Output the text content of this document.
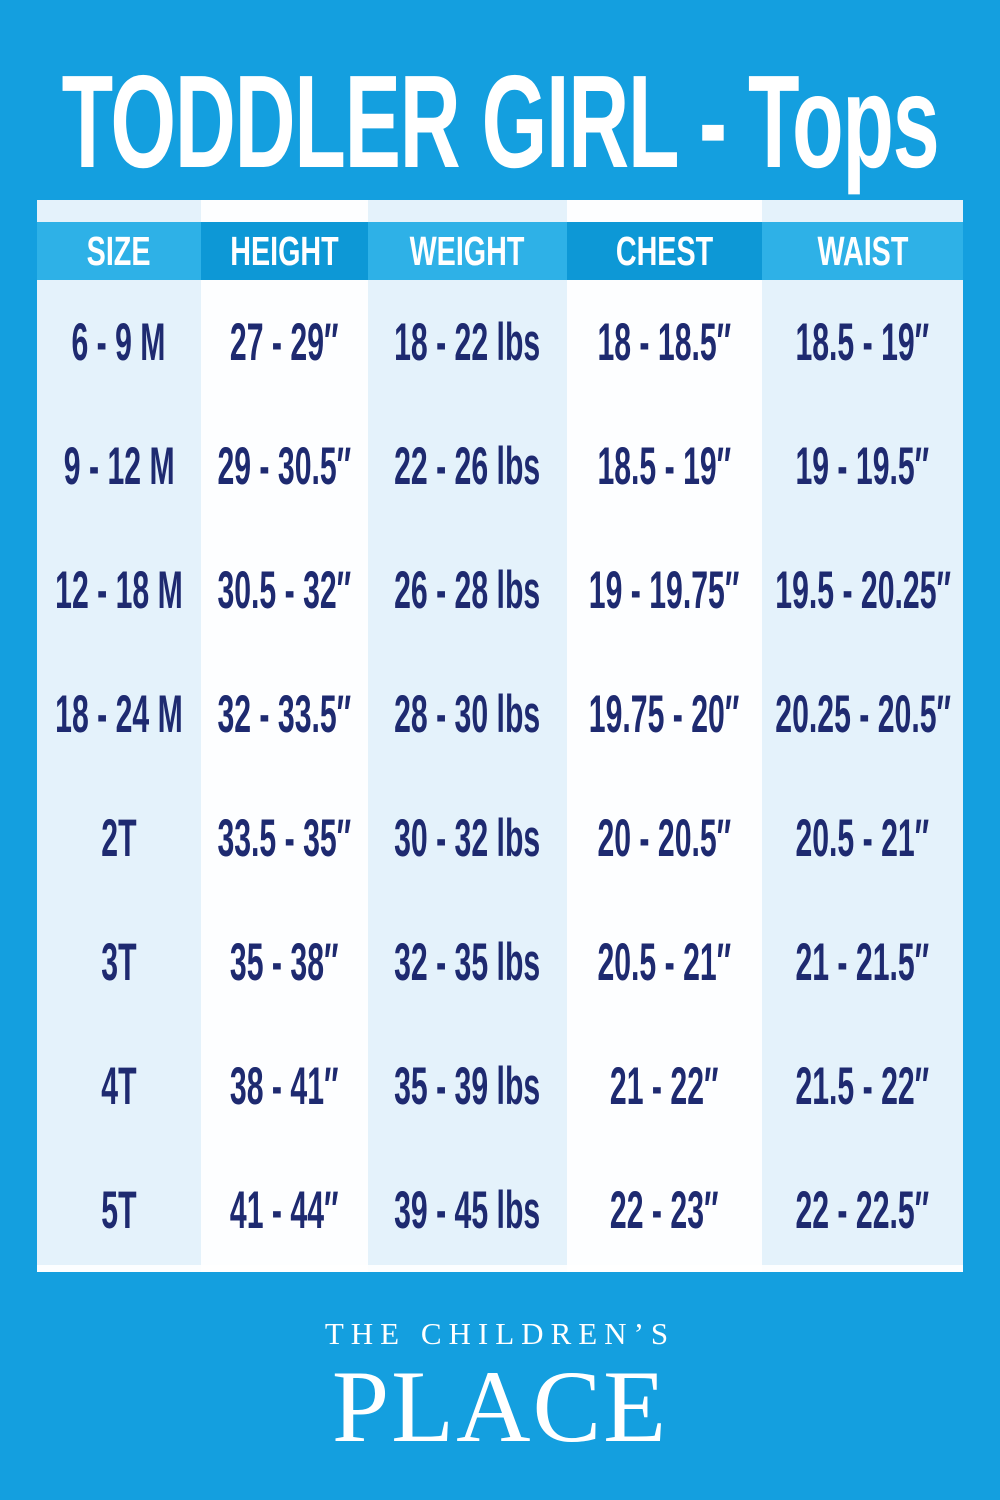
TODDLER GIRL - Tops
SIZE HEIGHT WEIGHT CHEST	WAIST
6 - 9 M 27 - 29″ 18 - 22 lbs 18 - 18.5″ 18.5 - 19″
9 - 12 M 29 - 30.5″ 22 - 26 lbs 18.5 - 19″ 19 - 19.5″
12 - 18 M 30.5 - 32″ 26 - 28 lbs 19 - 19.75″ 19.5 - 20.25″
18 - 24 M 32 - 33.5″ 28 - 30 lbs 19.75 - 20″ 20.25 - 20.5″
2T 33.5 - 35″ 30 - 32 lbs 20 - 20.5″ 20.5 - 21″
3T 35 - 38″ 32 - 35 lbs 20.5 - 21″ 21 - 21.5″
4T 38 - 41″ 35 - 39 lbs 21 - 22″ 21.5 - 22″
5T 41 - 44″ 39 - 45 lbs 22 - 23″ 22 - 22.5″
THE CHILDREN’S
PLACE
